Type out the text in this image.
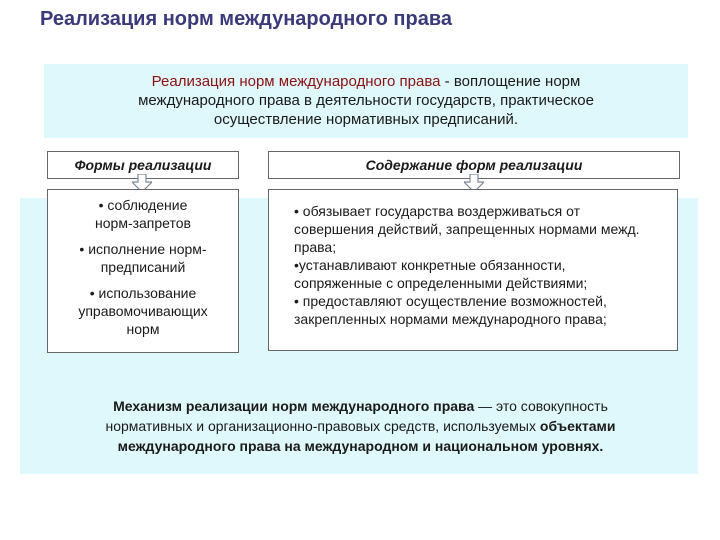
Реализация норм международного права
Реализация норм международного права - воплощение норм
международного права в деятельности государств, практическое
осуществление нормативных предписаний.
Формы реализации	Содержание форм реализации
• соблюдение
норм-запретов
• исполнение норм-
предписаний
• использование
управомочивающих
норм
• обязывает государства воздерживаться от
совершения действий, запрещенных нормами межд.
права;
•устанавливают конкретные обязанности,
сопряженные с определенными действиями;
• предоставляют осуществление возможностей,
закрепленных нормами международного права;
Механизм реализации норм международного права — это совокупность
нормативных и организационно-правовых средств, используемых объектами
международного права на международном и национальном уровнях.
